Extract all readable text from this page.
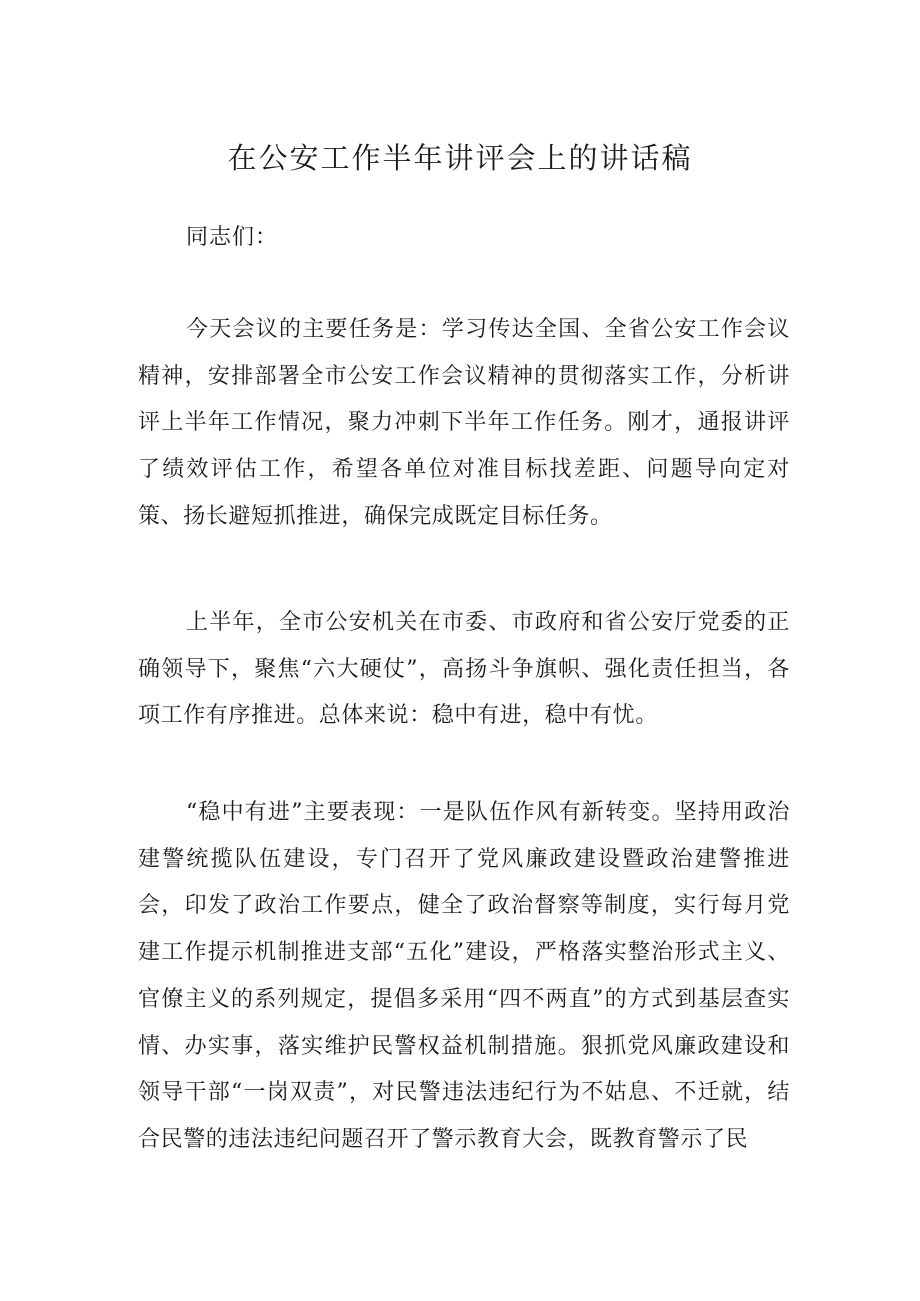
在公安工作半年讲评会上的讲话稿

同志们：

今天会议的主要任务是：学习传达全国、全省公安工作会议精神，安排部署全市公安工作会议精神的贯彻落实工作，分析讲评上半年工作情况，聚力冲刺下半年工作任务。刚才，通报讲评了绩效评估工作，希望各单位对准目标找差距、问题导向定对策、扬长避短抓推进，确保完成既定目标任务。

上半年，全市公安机关在市委、市政府和省公安厅党委的正确领导下，聚焦“六大硬仗”，高扬斗争旗帜、强化责任担当，各项工作有序推进。总体来说：稳中有进，稳中有忧。

“稳中有进”主要表现：一是队伍作风有新转变。坚持用政治建警统揽队伍建设，专门召开了党风廉政建设暨政治建警推进会，印发了政治工作要点，健全了政治督察等制度，实行每月党建工作提示机制推进支部“五化”建设，严格落实整治形式主义、官僚主义的系列规定，提倡多采用“四不两直”的方式到基层查实情、办实事，落实维护民警权益机制措施。狠抓党风廉政建设和领导干部“一岗双责”，对民警违法违纪行为不姑息、不迁就，结合民警的违法违纪问题召开了警示教育大会，既教育警示了民
